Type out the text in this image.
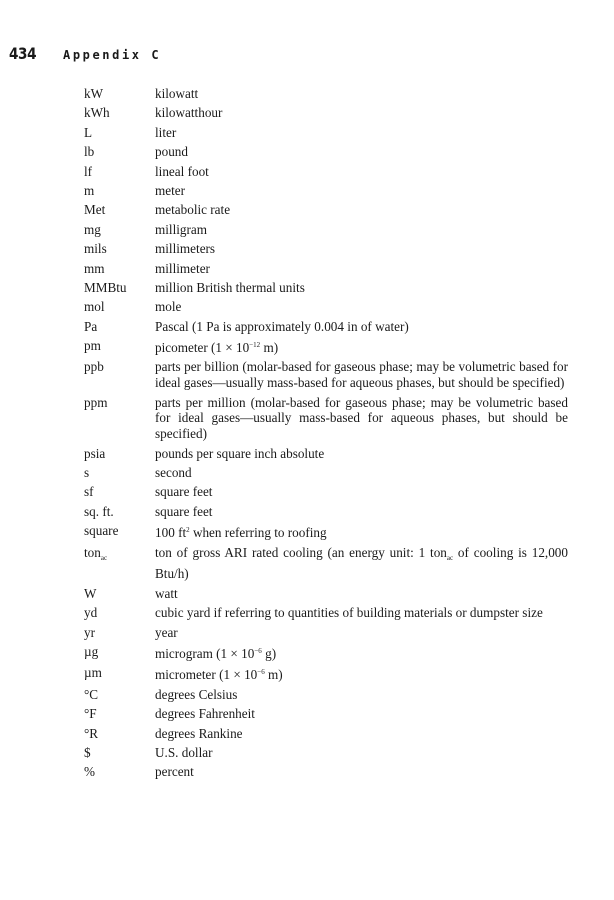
434	Appendix C
kW	kilowatt
kWh	kilowatthour
L	liter
lb	pound
lf	lineal foot
m	meter
Met	metabolic rate
mg	milligram
mils	millimeters
mm	millimeter
MMBtu	million British thermal units
mol	mole
Pa	Pascal (1 Pa is approximately 0.004 in of water)
pm	picometer ($1 \times 10^{-12}$ m)
ppb	parts per billion (molar-based for gaseous phase; may be volumetric based for ideal gases—usually mass-based for aqueous phases, but should be specified)
ppm	parts per million (molar-based for gaseous phase; may be volumetric based for ideal gases—usually mass-based for aqueous phases, but should be specified)
psia	pounds per square inch absolute
s	second
sf	square feet
sq. ft.	square feet
square	100 $ft^2$ when referring to roofing
ton$_{ac}$	ton of gross ARI rated cooling (an energy unit: 1 ton$_{ac}$ of cooling is 12,000 Btu/h)
W	watt
yd	cubic yard if referring to quantities of building materials or dumpster size
yr	year
µg	microgram ($1 \times 10^{-6}$ g)
µm	micrometer ($1 \times 10^{-6}$ m)
°C	degrees Celsius
°F	degrees Fahrenheit
°R	degrees Rankine
$	U.S. dollar
%	percent
